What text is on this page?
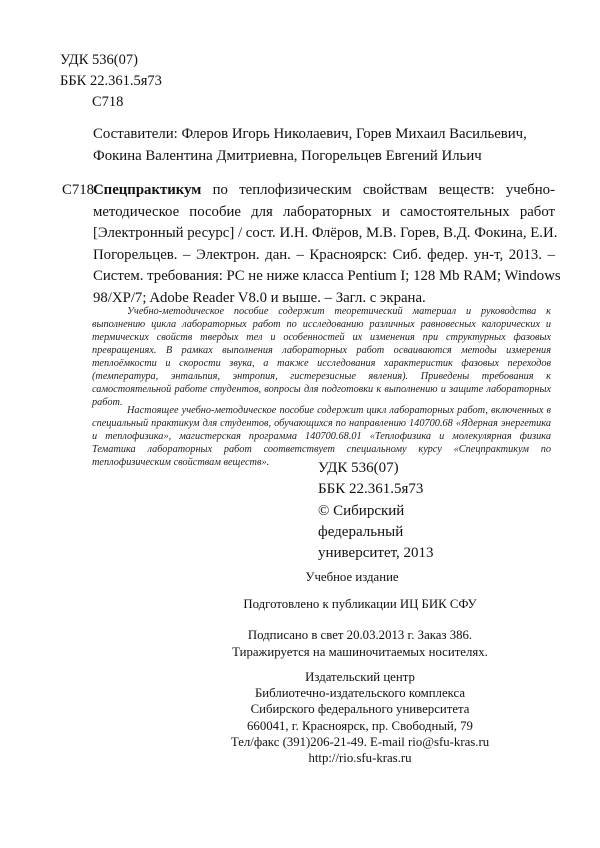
УДК 536(07)
ББК 22.361.5я73
С718
Составители: Флеров Игорь Николаевич, Горев Михаил Васильевич,
Фокина Валентина Дмитриевна, Погорельцев Евгений Ильич
С718
Спецпрактикум по теплофизическим свойствам веществ: учебно-
методическое пособие для лабораторных и самостоятельных работ
[Электронный ресурс] / сост. И.Н. Флёров, М.В. Горев, В.Д. Фокина, Е.И.
Погорельцев. – Электрон. дан. – Красноярск: Сиб. федер. ун-т, 2013. –
Систем. требования: PC не ниже класса Pentium I; 128 Mb RAM; Windows
98/XP/7; Adobe Reader V8.0 и выше. – Загл. с экрана.
Учебно-методическое пособие содержит теоретический материал и руководства к
выполнению цикла лабораторных работ по исследованию различных равновесных калорических и
термических свойств твердых тел и особенностей их изменения при структурных фазовых
превращениях. В рамках выполнения лабораторных работ осваиваются методы измерения
теплоёмкости и скорости звука, а также исследования характеристик фазовых переходов
(температура, энтальпия, энтропия, гистерезисные явления). Приведены требования к
самостоятельной работе студентов, вопросы для подготовки к выполнению и защите лабораторных
работ.
Настоящее учебно-методическое пособие содержит цикл лабораторных работ, включенных в
специальный практикум для студентов, обучающихся по направлению 140700.68 «Ядерная энергетика
и теплофизика», магистерская программа 140700.68.01 «Теплофизика и молекулярная физика
Тематика лабораторных работ соответствует специальному курсу «Спецпрактикум по
теплофизическим свойствам веществ».	УДК 536(07)
ББК 22.361.5я73
© Сибирский
федеральный
университет, 2013
Учебное издание
Подготовлено к публикации ИЦ БИК СФУ
Подписано в свет 20.03.2013 г. Заказ 386.
Тиражируется на машиночитаемых носителях.
Издательский центр
Библиотечно-издательского комплекса
Сибирского федерального университета
660041, г. Красноярск, пр. Свободный, 79
Тел/факс (391)206-21-49. E-mail rio@sfu-kras.ru
http://rio.sfu-kras.ru
